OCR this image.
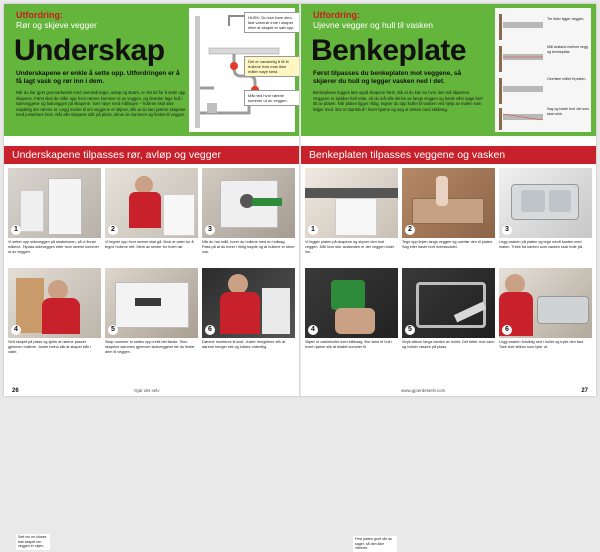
Utfordring:
Rør og skjeve vegger
Underskap
Underskapene er enkle å sette opp. Utfordringen er å få lagt vask og rør inn i dem.
Når du har gjort grunnarbeidet med vannledninger, avløp og strøm, er det tid for å sette opp skapene. Først skal du måle opp hvor rørene kommer ut av veggen, og deretter lage hull i sideveggene og bakveggen på skapene. Vær nøye med målingen – hullene skal sitte nøyaktig der rørene er. Legg merke til om veggene er skjeve, slik at du kan justere skapene med justerbare bein. Når alle skapene står på plass, skrus de sammen og festes til veggen.
HUSK: Du kan bare skru fast vannrør inne i skapet etter at skapet er satt opp.
Det er vanskelig å få til hullene hvis man ikke måler nøye først.
Mål ned hvor rørene kommer ut av veggen.
Underskapene tilpasses rør, avløp og vegger
1
Vi setter opp sideveggen på skabelonen, så vi finner målene. Tilpass sideveggen etter hvor rørene kommer ut av veggen.
2
Vi tegner opp hvor rørene skal gå. Bruk et vater for å tegne hullene rett. Merk av senter for hvert rør.
3
Når du har målt, borer du hullene med en hullsag. Pass på at du borer i riktig høyde og at hullene er store nok.
4
Sett inn en klosse bak skapet om veggen er skjev.
Sett skapet på plass og sjekk at rørene passer gjennom hullene. Juster beina slik at skapet står i vater.
5
Skap nummer to settes opp inntil det første. Skru skapene sammen gjennom sideveggene før du fester dem til veggen.
6
Dørene monteres til slutt. Juster hengslene slik at dørene henger rett og lukkes ordentlig.
26	Gjør det selv
Utfordring:
Ujevne vegger og hull til vasken
Benkeplate
Først tilpasses du benkeplaten mot veggene, så skjærer du hull og legger vasken ned i det.
Benkeplaten legges løst oppå skapene først, slik at du kan se hvor den må tilpasses. Veggene er sjelden helt rette, så du må ofte skrive av langs veggen og høvle eller sage bort litt av platen. Når platen ligger riktig, tegner du opp hullet til vasken ved hjelp av malen som følger med. Bor et startshull i hvert hjørne og sag ut resten med stikksag.
Tre lister ligger veggen.
Mål avstand mellom vegg og benkeplate.
Overføre målet til platen.
Sag og høvle bort det som skal vekk.
Benkeplaten tilpasses veggene og vasken
1
Vi legger platen på skapene og skyver den mot veggen. Mål hvor stor avstanden er der veggen buler inn.
2
Tegn opp linjen langs veggen og overfør den til platen. Sag eller høvle bort overskuddet.
3
Legg vasken på platen og tegn rundt kanten med malen. Trekk fra kanten som vasken skal hvile på.
4
Fest platen godt når du sager, så den ikke vibrerer.
Skjær ut vaskehullet med stikksag. Bor først et hull i hvert hjørne slik at bladet kommer til.
5
Stryk silikon langs kanten av hullet. Det tetter mot vann og holder vasken på plass.
6
Legg vasken forsiktig ned i hullet og trykk den fast. Tørk bort silikon som tyter ut.
www.gjoerdetselv.com	27
